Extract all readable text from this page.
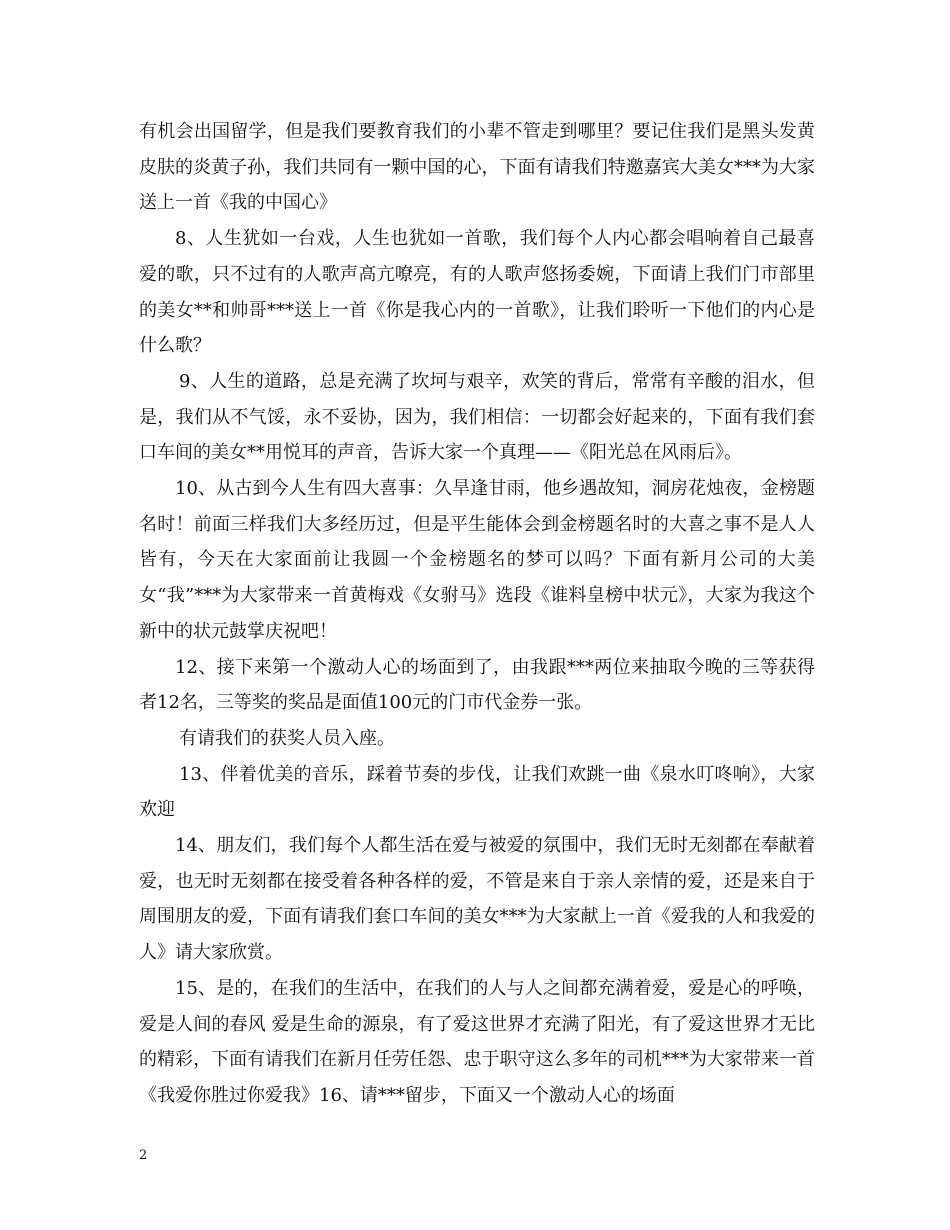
有机会出国留学，但是我们要教育我们的小辈不管走到哪里？要记住我们是黑头发黄皮肤的炎黄子孙，我们共同有一颗中国的心，下面有请我们特邀嘉宾大美女***为大家送上一首《我的中国心》

8、人生犹如一台戏，人生也犹如一首歌，我们每个人内心都会唱响着自己最喜爱的歌，只不过有的人歌声高亢嘹亮，有的人歌声悠扬委婉，下面请上我们门市部里的美女**和帅哥***送上一首《你是我心内的一首歌》，让我们聆听一下他们的内心是什么歌？

9、人生的道路，总是充满了坎坷与艰辛，欢笑的背后，常常有辛酸的泪水，但是，我们从不气馁，永不妥协，因为，我们相信：一切都会好起来的，下面有我们套口车间的美女**用悦耳的声音，告诉大家一个真理——《阳光总在风雨后》。

10、从古到今人生有四大喜事：久旱逢甘雨，他乡遇故知，洞房花烛夜，金榜题名时！前面三样我们大多经历过，但是平生能体会到金榜题名时的大喜之事不是人人皆有，今天在大家面前让我圆一个金榜题名的梦可以吗？下面有新月公司的大美女“我”***为大家带来一首黄梅戏《女驸马》选段《谁料皇榜中状元》，大家为我这个新中的状元鼓掌庆祝吧！

12、接下来第一个激动人心的场面到了，由我跟***两位来抽取今晚的三等获得者12名，三等奖的奖品是面值100元的门市代金券一张。

有请我们的获奖人员入座。

13、伴着优美的音乐，踩着节奏的步伐，让我们欢跳一曲《泉水叮咚响》，大家欢迎

14、朋友们，我们每个人都生活在爱与被爱的氛围中，我们无时无刻都在奉献着爱，也无时无刻都在接受着各种各样的爱，不管是来自于亲人亲情的爱，还是来自于周围朋友的爱，下面有请我们套口车间的美女***为大家献上一首《爱我的人和我爱的人》请大家欣赏。

15、是的，在我们的生活中，在我们的人与人之间都充满着爱，爱是心的呼唤，爱是人间的春风 爱是生命的源泉，有了爱这世界才充满了阳光，有了爱这世界才无比的精彩，下面有请我们在新月任劳任怨、忠于职守这么多年的司机***为大家带来一首《我爱你胜过你爱我》16、请***留步，下面又一个激动人心的场面

2
